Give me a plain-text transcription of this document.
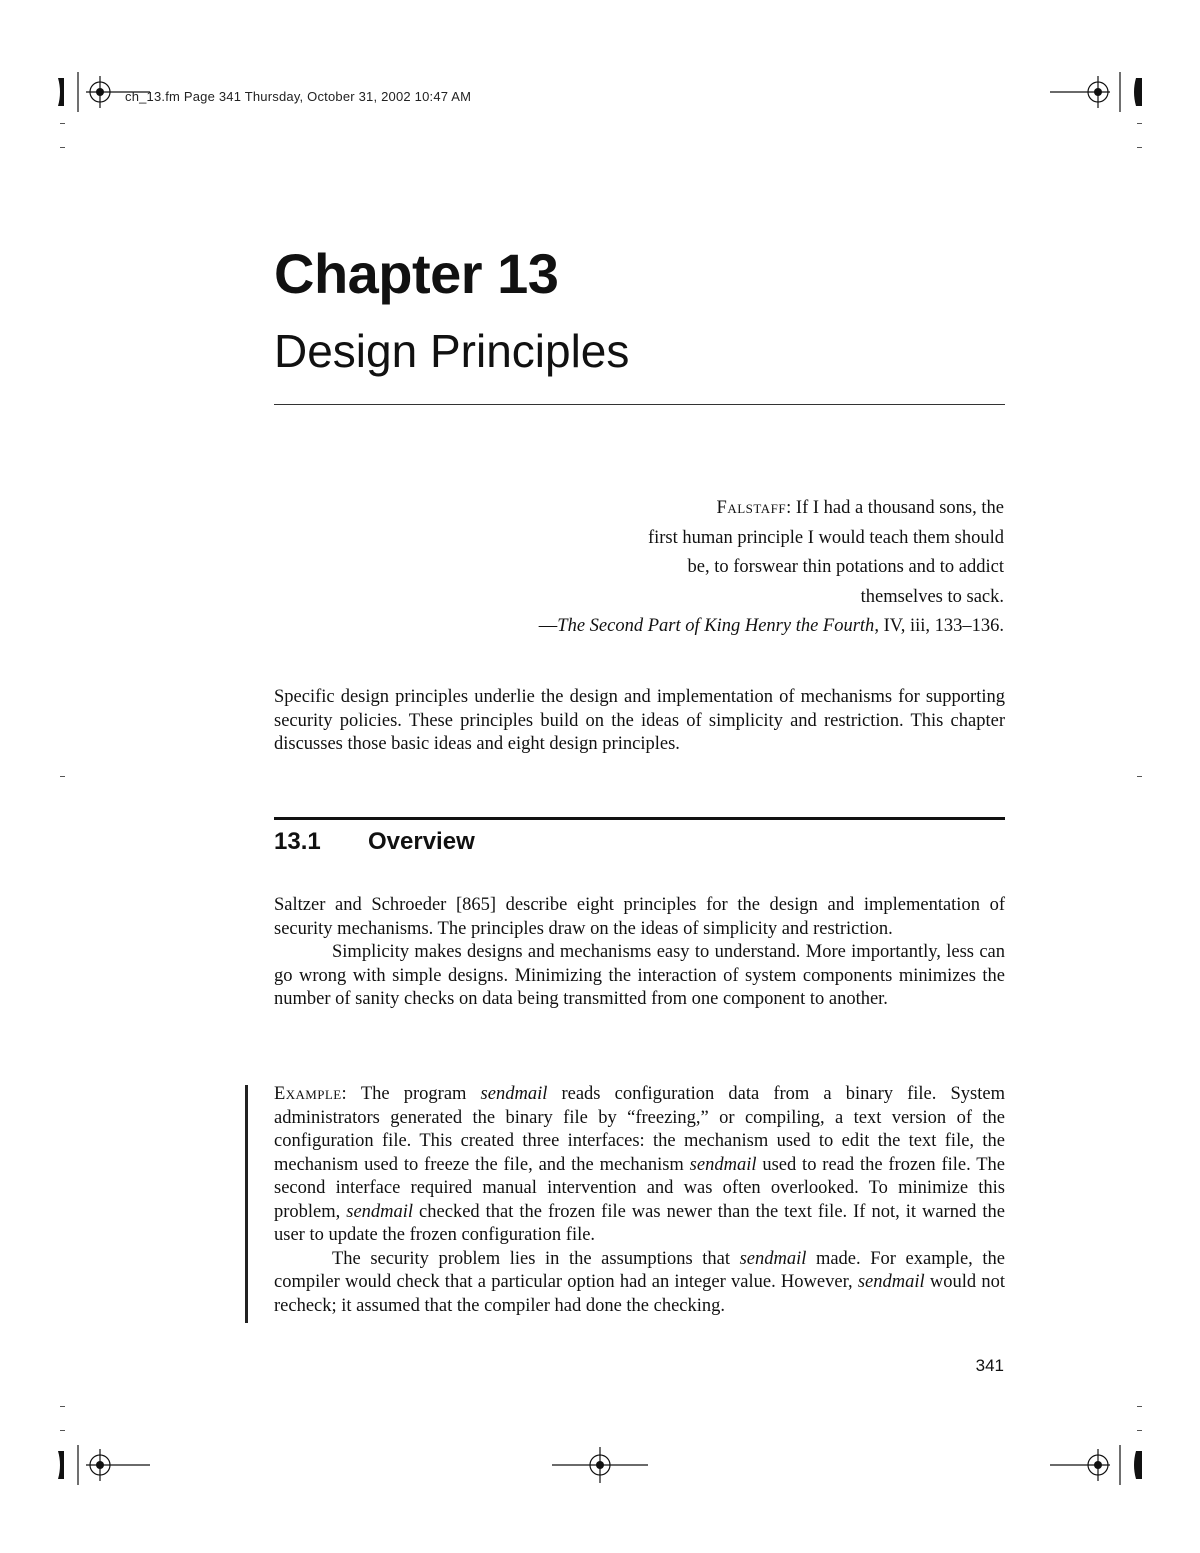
ch_13.fm Page 341 Thursday, October 31, 2002 10:47 AM
Chapter 13
Design Principles
Falstaff: If I had a thousand sons, the
first human principle I would teach them should
be, to forswear thin potations and to addict
themselves to sack.
—The Second Part of King Henry the Fourth, IV, iii, 133–136.
Specific design principles underlie the design and implementation of mechanisms for supporting security policies. These principles build on the ideas of simplicity and restriction. This chapter discusses those basic ideas and eight design principles.
13.1 Overview

Saltzer and Schroeder [865] describe eight principles for the design and implementation of security mechanisms. The principles draw on the ideas of simplicity and restriction.

Simplicity makes designs and mechanisms easy to understand. More importantly, less can go wrong with simple designs. Minimizing the interaction of system components minimizes the number of sanity checks on data being transmitted from one component to another.

Example: The program sendmail reads configuration data from a binary file. System administrators generated the binary file by “freezing,” or compiling, a text version of the configuration file. This created three interfaces: the mechanism used to edit the text file, the mechanism used to freeze the file, and the mechanism sendmail used to read the frozen file. The second interface required manual intervention and was often overlooked. To minimize this problem, sendmail checked that the frozen file was newer than the text file. If not, it warned the user to update the frozen configuration file.

The security problem lies in the assumptions that sendmail made. For example, the compiler would check that a particular option had an integer value. However, sendmail would not recheck; it assumed that the compiler had done the checking.

341
